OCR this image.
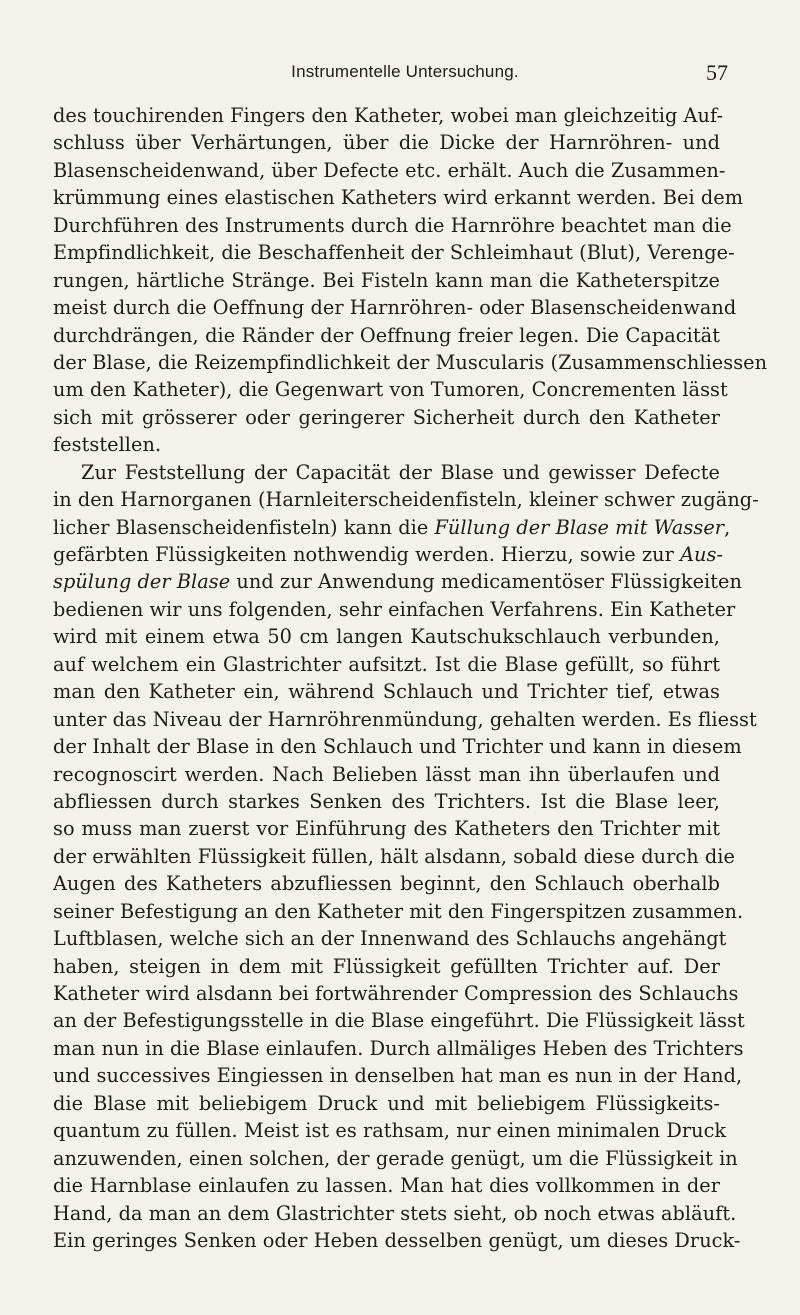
Instrumentelle Untersuchung.	57
des touchirenden Fingers den Katheter, wobei man gleichzeitig Auf-
schluss über Verhärtungen, über die Dicke der Harnröhren- und
Blasenscheidenwand, über Defecte etc. erhält. Auch die Zusammen-
krümmung eines elastischen Katheters wird erkannt werden. Bei dem
Durchführen des Instruments durch die Harnröhre beachtet man die
Empfindlichkeit, die Beschaffenheit der Schleimhaut (Blut), Verenge-
rungen, härtliche Stränge. Bei Fisteln kann man die Katheterspitze
meist durch die Oeffnung der Harnröhren- oder Blasenscheidenwand
durchdrängen, die Ränder der Oeffnung freier legen. Die Capacität
der Blase, die Reizempfindlichkeit der Muscularis (Zusammenschliessen
um den Katheter), die Gegenwart von Tumoren, Concrementen lässt
sich mit grösserer oder geringerer Sicherheit durch den Katheter
feststellen.
Zur Feststellung der Capacität der Blase und gewisser Defecte
in den Harnorganen (Harnleiterscheidenfisteln, kleiner schwer zugäng-
licher Blasenscheidenfisteln) kann die Füllung der Blase mit Wasser,
gefärbten Flüssigkeiten nothwendig werden. Hierzu, sowie zur Aus-
spülung der Blase und zur Anwendung medicamentöser Flüssigkeiten
bedienen wir uns folgenden, sehr einfachen Verfahrens. Ein Katheter
wird mit einem etwa 50 cm langen Kautschukschlauch verbunden,
auf welchem ein Glastrichter aufsitzt. Ist die Blase gefüllt, so führt
man den Katheter ein, während Schlauch und Trichter tief, etwas
unter das Niveau der Harnröhrenmündung, gehalten werden. Es fliesst
der Inhalt der Blase in den Schlauch und Trichter und kann in diesem
recognoscirt werden. Nach Belieben lässt man ihn überlaufen und
abfliessen durch starkes Senken des Trichters. Ist die Blase leer,
so muss man zuerst vor Einführung des Katheters den Trichter mit
der erwählten Flüssigkeit füllen, hält alsdann, sobald diese durch die
Augen des Katheters abzufliessen beginnt, den Schlauch oberhalb
seiner Befestigung an den Katheter mit den Fingerspitzen zusammen.
Luftblasen, welche sich an der Innenwand des Schlauchs angehängt
haben, steigen in dem mit Flüssigkeit gefüllten Trichter auf. Der
Katheter wird alsdann bei fortwährender Compression des Schlauchs
an der Befestigungsstelle in die Blase eingeführt. Die Flüssigkeit lässt
man nun in die Blase einlaufen. Durch allmäliges Heben des Trichters
und successives Eingiessen in denselben hat man es nun in der Hand,
die Blase mit beliebigem Druck und mit beliebigem Flüssigkeits-
quantum zu füllen. Meist ist es rathsam, nur einen minimalen Druck
anzuwenden, einen solchen, der gerade genügt, um die Flüssigkeit in
die Harnblase einlaufen zu lassen. Man hat dies vollkommen in der
Hand, da man an dem Glastrichter stets sieht, ob noch etwas abläuft.
Ein geringes Senken oder Heben desselben genügt, um dieses Druck-
